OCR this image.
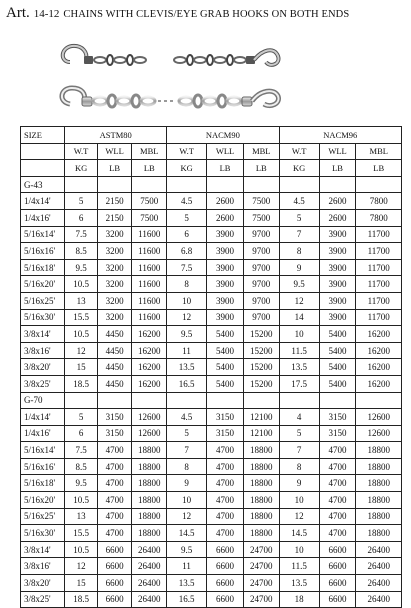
Art. 14-12 CHAINS WITH CLEVIS/EYE GRAB HOOKS ON BOTH ENDS
SIZE	ASTM80			NACM90			NACM96		
	W.T	WLL	MBL	W.T	WLL	MBL	W.T	WLL	MBL
	KG	LB	LB	KG	LB	LB	KG	LB	LB
G-43									
1/4x14'	5	2150	7500	4.5	2600	7500	4.5	2600	7800
1/4x16'	6	2150	7500	5	2600	7500	5	2600	7800
5/16x14'	7.5	3200	11600	6	3900	9700	7	3900	11700
5/16x16'	8.5	3200	11600	6.8	3900	9700	8	3900	11700
5/16x18'	9.5	3200	11600	7.5	3900	9700	9	3900	11700
5/16x20'	10.5	3200	11600	8	3900	9700	9.5	3900	11700
5/16x25'	13	3200	11600	10	3900	9700	12	3900	11700
5/16x30'	15.5	3200	11600	12	3900	9700	14	3900	11700
3/8x14'	10.5	4450	16200	9.5	5400	15200	10	5400	16200
3/8x16'	12	4450	16200	11	5400	15200	11.5	5400	16200
3/8x20'	15	4450	16200	13.5	5400	15200	13.5	5400	16200
3/8x25'	18.5	4450	16200	16.5	5400	15200	17.5	5400	16200
G-70									
1/4x14'	5	3150	12600	4.5	3150	12100	4	3150	12600
1/4x16'	6	3150	12600	5	3150	12100	5	3150	12600
5/16x14'	7.5	4700	18800	7	4700	18800	7	4700	18800
5/16x16'	8.5	4700	18800	8	4700	18800	8	4700	18800
5/16x18'	9.5	4700	18800	9	4700	18800	9	4700	18800
5/16x20'	10.5	4700	18800	10	4700	18800	10	4700	18800
5/16x25'	13	4700	18800	12	4700	18800	12	4700	18800
5/16x30'	15.5	4700	18800	14.5	4700	18800	14.5	4700	18800
3/8x14'	10.5	6600	26400	9.5	6600	24700	10	6600	26400
3/8x16'	12	6600	26400	11	6600	24700	11.5	6600	26400
3/8x20'	15	6600	26400	13.5	6600	24700	13.5	6600	26400
3/8x25'	18.5	6600	26400	16.5	6600	24700	18	6600	26400
